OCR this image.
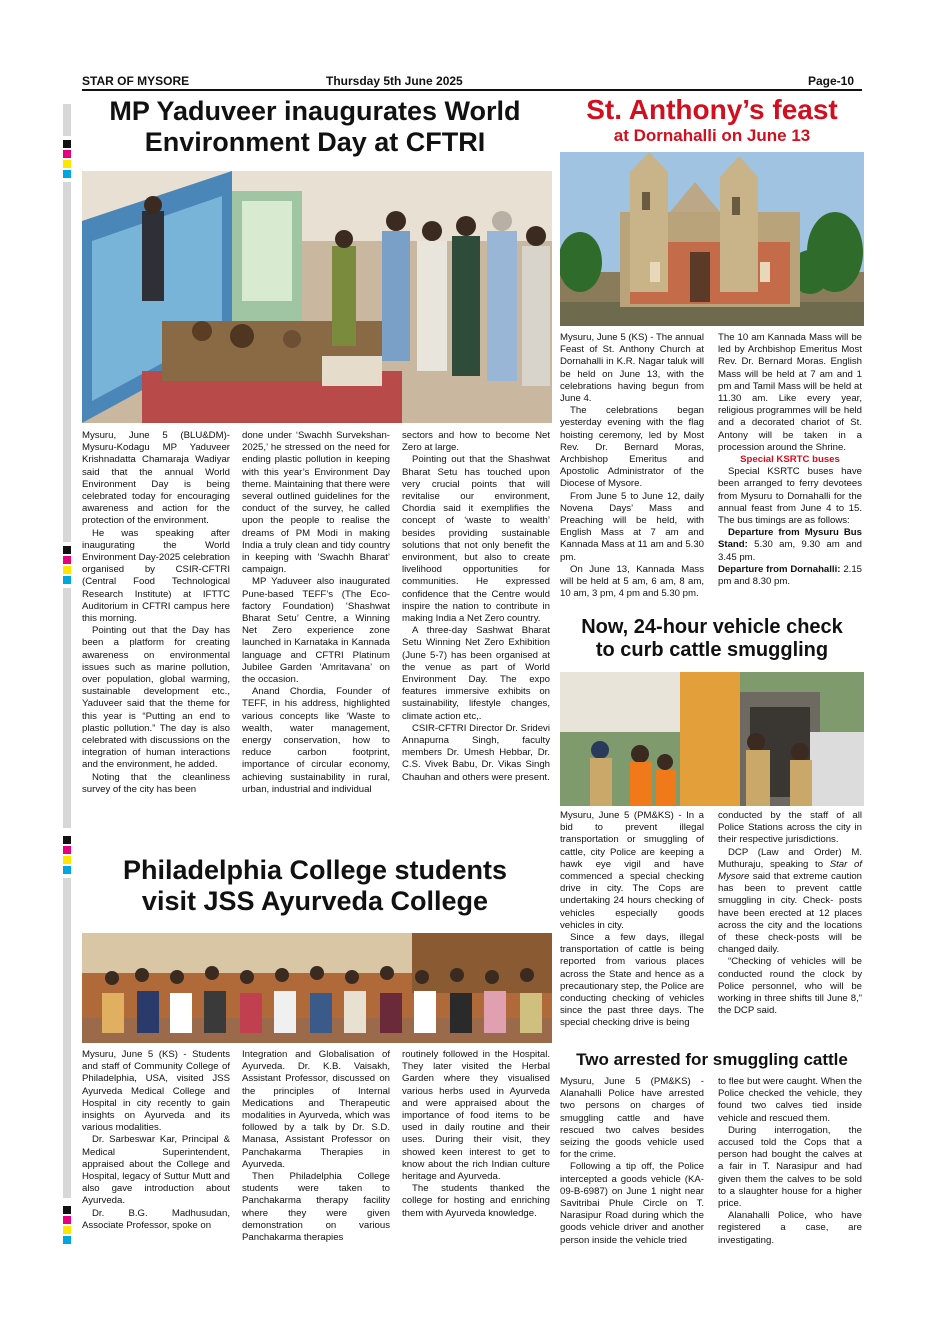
STAR OF MYSORE	Thursday 5th June 2025	Page-10
MP Yaduveer inaugurates World
Environment Day at CFTRI

Mysuru, June 5 (BLU&DM)-Mysuru-Kodagu MP Yaduveer Krishnadatta Chamaraja Wadiyar said that the annual World Environment Day is being celebrated today for encouraging awareness and action for the protection of the environment.

He was speaking after inaugurating the World Environment Day-2025 celebration organised by CSIR-CFTRI (Central Food Technological Research Institute) at IFTTC Auditorium in CFTRI campus here this morning.

Pointing out that the Day has been a platform for creating awareness on environmental issues such as marine pollution, over population, global warming, sustainable development etc., Yaduveer said that the theme for this year is “Putting an end to plastic pollution.” The day is also celebrated with discussions on the integration of human interactions and the environment, he added.

Noting that the cleanliness survey of the city has been

done under ‘Swachh Survekshan-2025,’ he stressed on the need for ending plastic pollution in keeping with this year’s Environment Day theme. Maintaining that there were several outlined guidelines for the conduct of the survey, he called upon the people to realise the dreams of PM Modi in making India a truly clean and tidy country in keeping with ‘Swachh Bharat’ campaign.

MP Yaduveer also inaugurated Pune-based TEFF’s (The Eco-factory Foundation) ‘Shashwat Bharat Setu’ Centre, a Winning Net Zero experience zone launched in Karnataka in Kannada language and CFTRI Platinum Jubilee Garden ‘Amritavana’ on the occasion.

Anand Chordia, Founder of TEFF, in his address, highlighted various concepts like ‘Waste to wealth, water management, energy conservation, how to reduce carbon footprint, importance of circular economy, achieving sustainability in rural, urban, industrial and individual

sectors and how to become Net Zero at large.

Pointing out that the Shashwat Bharat Setu has touched upon very crucial points that will revitalise our environment, Chordia said it exemplifies the concept of ‘waste to wealth’ besides providing sustainable solutions that not only benefit the environment, but also to create livelihood opportunities for communities. He expressed confidence that the Centre would inspire the nation to contribute in making India a Net Zero country.

A three-day Sashwat Bharat Setu Winning Net Zero Exhibition (June 5-7) has been organised at the venue as part of World Environment Day. The expo features immersive exhibits on sustainability, lifestyle changes, climate action etc,.

CSIR-CFTRI Director Dr. Sridevi Annapurna Singh, faculty members Dr. Umesh Hebbar, Dr. C.S. Vivek Babu, Dr. Vikas Singh Chauhan and others were present.

St. Anthony’s feast
at Dornahalli on June 13

Mysuru, June 5 (KS) - The annual Feast of St. Anthony Church at Dornahalli in K.R. Nagar taluk will be held on June 13, with the celebrations having begun from June 4.

The celebrations began yesterday evening with the flag hoisting ceremony, led by Most Rev. Dr. Bernard Moras, Archbishop Emeritus and Apostolic Administrator of the Diocese of Mysore.

From June 5 to June 12, daily Novena Days’ Mass and Preaching will be held, with English Mass at 7 am and Kannada Mass at 11 am and 5.30 pm.

On June 13, Kannada Mass will be held at 5 am, 6 am, 8 am, 10 am, 3 pm, 4 pm and 5.30 pm.

The 10 am Kannada Mass will be led by Archbishop Emeritus Most Rev. Dr. Bernard Moras. English Mass will be held at 7 am and 1 pm and Tamil Mass will be held at 11.30 am. Like every year, religious programmes will be held and a decorated chariot of St. Antony will be taken in a procession around the Shrine.

Special KSRTC buses

Special KSRTC buses have been arranged to ferry devotees from Mysuru to Dornahalli for the annual feast from June 4 to 15. The bus timings are as follows:

Departure from Mysuru Bus Stand: 5.30 am, 9.30 am and 3.45 pm.

Departure from Dornahalli: 2.15 pm and 8.30 pm.

Now, 24-hour vehicle check
to curb cattle smuggling

Mysuru, June 5 (PM&KS) - In a bid to prevent illegal transportation or smuggling of cattle, city Police are keeping a hawk eye vigil and have commenced a special checking drive in city. The Cops are undertaking 24 hours checking of vehicles especially goods vehicles in city.

Since a few days, illegal transportation of cattle is being reported from various places across the State and hence as a precautionary step, the Police are conducting checking of vehicles since the past three days. The special checking drive is being

conducted by the staff of all Police Stations across the city in their respective jurisdictions.

DCP (Law and Order) M. Muthuraju, speaking to Star of Mysore said that extreme caution has been to prevent cattle smuggling in city. Check- posts have been erected at 12 places across the city and the locations of these check-posts will be changed daily.

“Checking of vehicles will be conducted round the clock by Police personnel, who will be working in three shifts till June 8,” the DCP said.

Philadelphia College students
visit JSS Ayurveda College

Mysuru, June 5 (KS) - Students and staff of Community College of Philadelphia, USA, visited JSS Ayurveda Medical College and Hospital in city recently to gain insights on Ayurveda and its various modalities.

Dr. Sarbeswar Kar, Principal & Medical Superintendent, appraised about the College and Hospital, legacy of Suttur Mutt and also gave introduction about Ayurveda.

Dr. B.G. Madhusudan, Associate Professor, spoke on

Integration and Globalisation of Ayurveda. Dr. K.B. Vaisakh, Assistant Professor, discussed on the principles of Internal Medications and Therapeutic modalities in Ayurveda, which was followed by a talk by Dr. S.D. Manasa, Assistant Professor on Panchakarma Therapies in Ayurveda.

Then Philadelphia College students were taken to Panchakarma therapy facility where they were given demonstration on various Panchakarma therapies

routinely followed in the Hospital. They later visited the Herbal Garden where they visualised various herbs used in Ayurveda and were appraised about the importance of food items to be used in daily routine and their uses. During their visit, they showed keen interest to get to know about the rich Indian culture heritage and Ayurveda.

The students thanked the college for hosting and enriching them with Ayurveda knowledge.

Two arrested for smuggling cattle

Mysuru, June 5 (PM&KS) - Alanahalli Police have arrested two persons on charges of smuggling cattle and have rescued two calves besides seizing the goods vehicle used for the crime.

Following a tip off, the Police intercepted a goods vehicle (KA-09-B-6987) on June 1 night near Savitribai Phule Circle on T. Narasipur Road during which the goods vehicle driver and another person inside the vehicle tried

to flee but were caught. When the Police checked the vehicle, they found two calves tied inside vehicle and rescued them.

During interrogation, the accused told the Cops that a person had bought the calves at a fair in T. Narasipur and had given them the calves to be sold to a slaughter house for a higher price.

Alanahalli Police, who have registered a case, are investigating.
